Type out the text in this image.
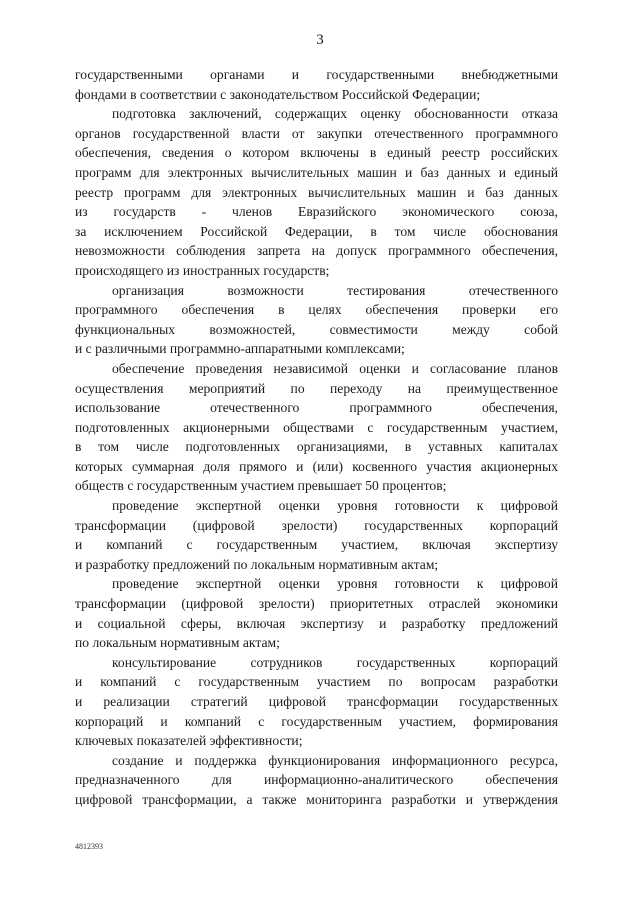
3
государственными органами и государственными внебюджетными
фондами в соответствии с законодательством Российской Федерации;
подготовка заключений, содержащих оценку обоснованности отказа
органов государственной власти от закупки отечественного программного
обеспечения, сведения о котором включены в единый реестр российских
программ для электронных вычислительных машин и баз данных и единый
реестр программ для электронных вычислительных машин и баз данных
из государств - членов Евразийского экономического союза,
за исключением Российской Федерации, в том числе обоснования
невозможности соблюдения запрета на допуск программного обеспечения,
происходящего из иностранных государств;
организация возможности тестирования отечественного
программного обеспечения в целях обеспечения проверки его
функциональных возможностей, совместимости между собой
и с различными программно-аппаратными комплексами;
обеспечение проведения независимой оценки и согласование планов
осуществления мероприятий по переходу на преимущественное
использование отечественного программного обеспечения,
подготовленных акционерными обществами с государственным участием,
в том числе подготовленных организациями, в уставных капиталах
которых суммарная доля прямого и (или) косвенного участия акционерных
обществ с государственным участием превышает 50 процентов;
проведение экспертной оценки уровня готовности к цифровой
трансформации (цифровой зрелости) государственных корпораций
и компаний с государственным участием, включая экспертизу
и разработку предложений по локальным нормативным актам;
проведение экспертной оценки уровня готовности к цифровой
трансформации (цифровой зрелости) приоритетных отраслей экономики
и социальной сферы, включая экспертизу и разработку предложений
по локальным нормативным актам;
консультирование сотрудников государственных корпораций
и компаний с государственным участием по вопросам разработки
и реализации стратегий цифровой трансформации государственных
корпораций и компаний с государственным участием, формирования
ключевых показателей эффективности;
создание и поддержка функционирования информационного ресурса,
предназначенного для информационно-аналитического обеспечения
цифровой трансформации, а также мониторинга разработки и утверждения
4812393
